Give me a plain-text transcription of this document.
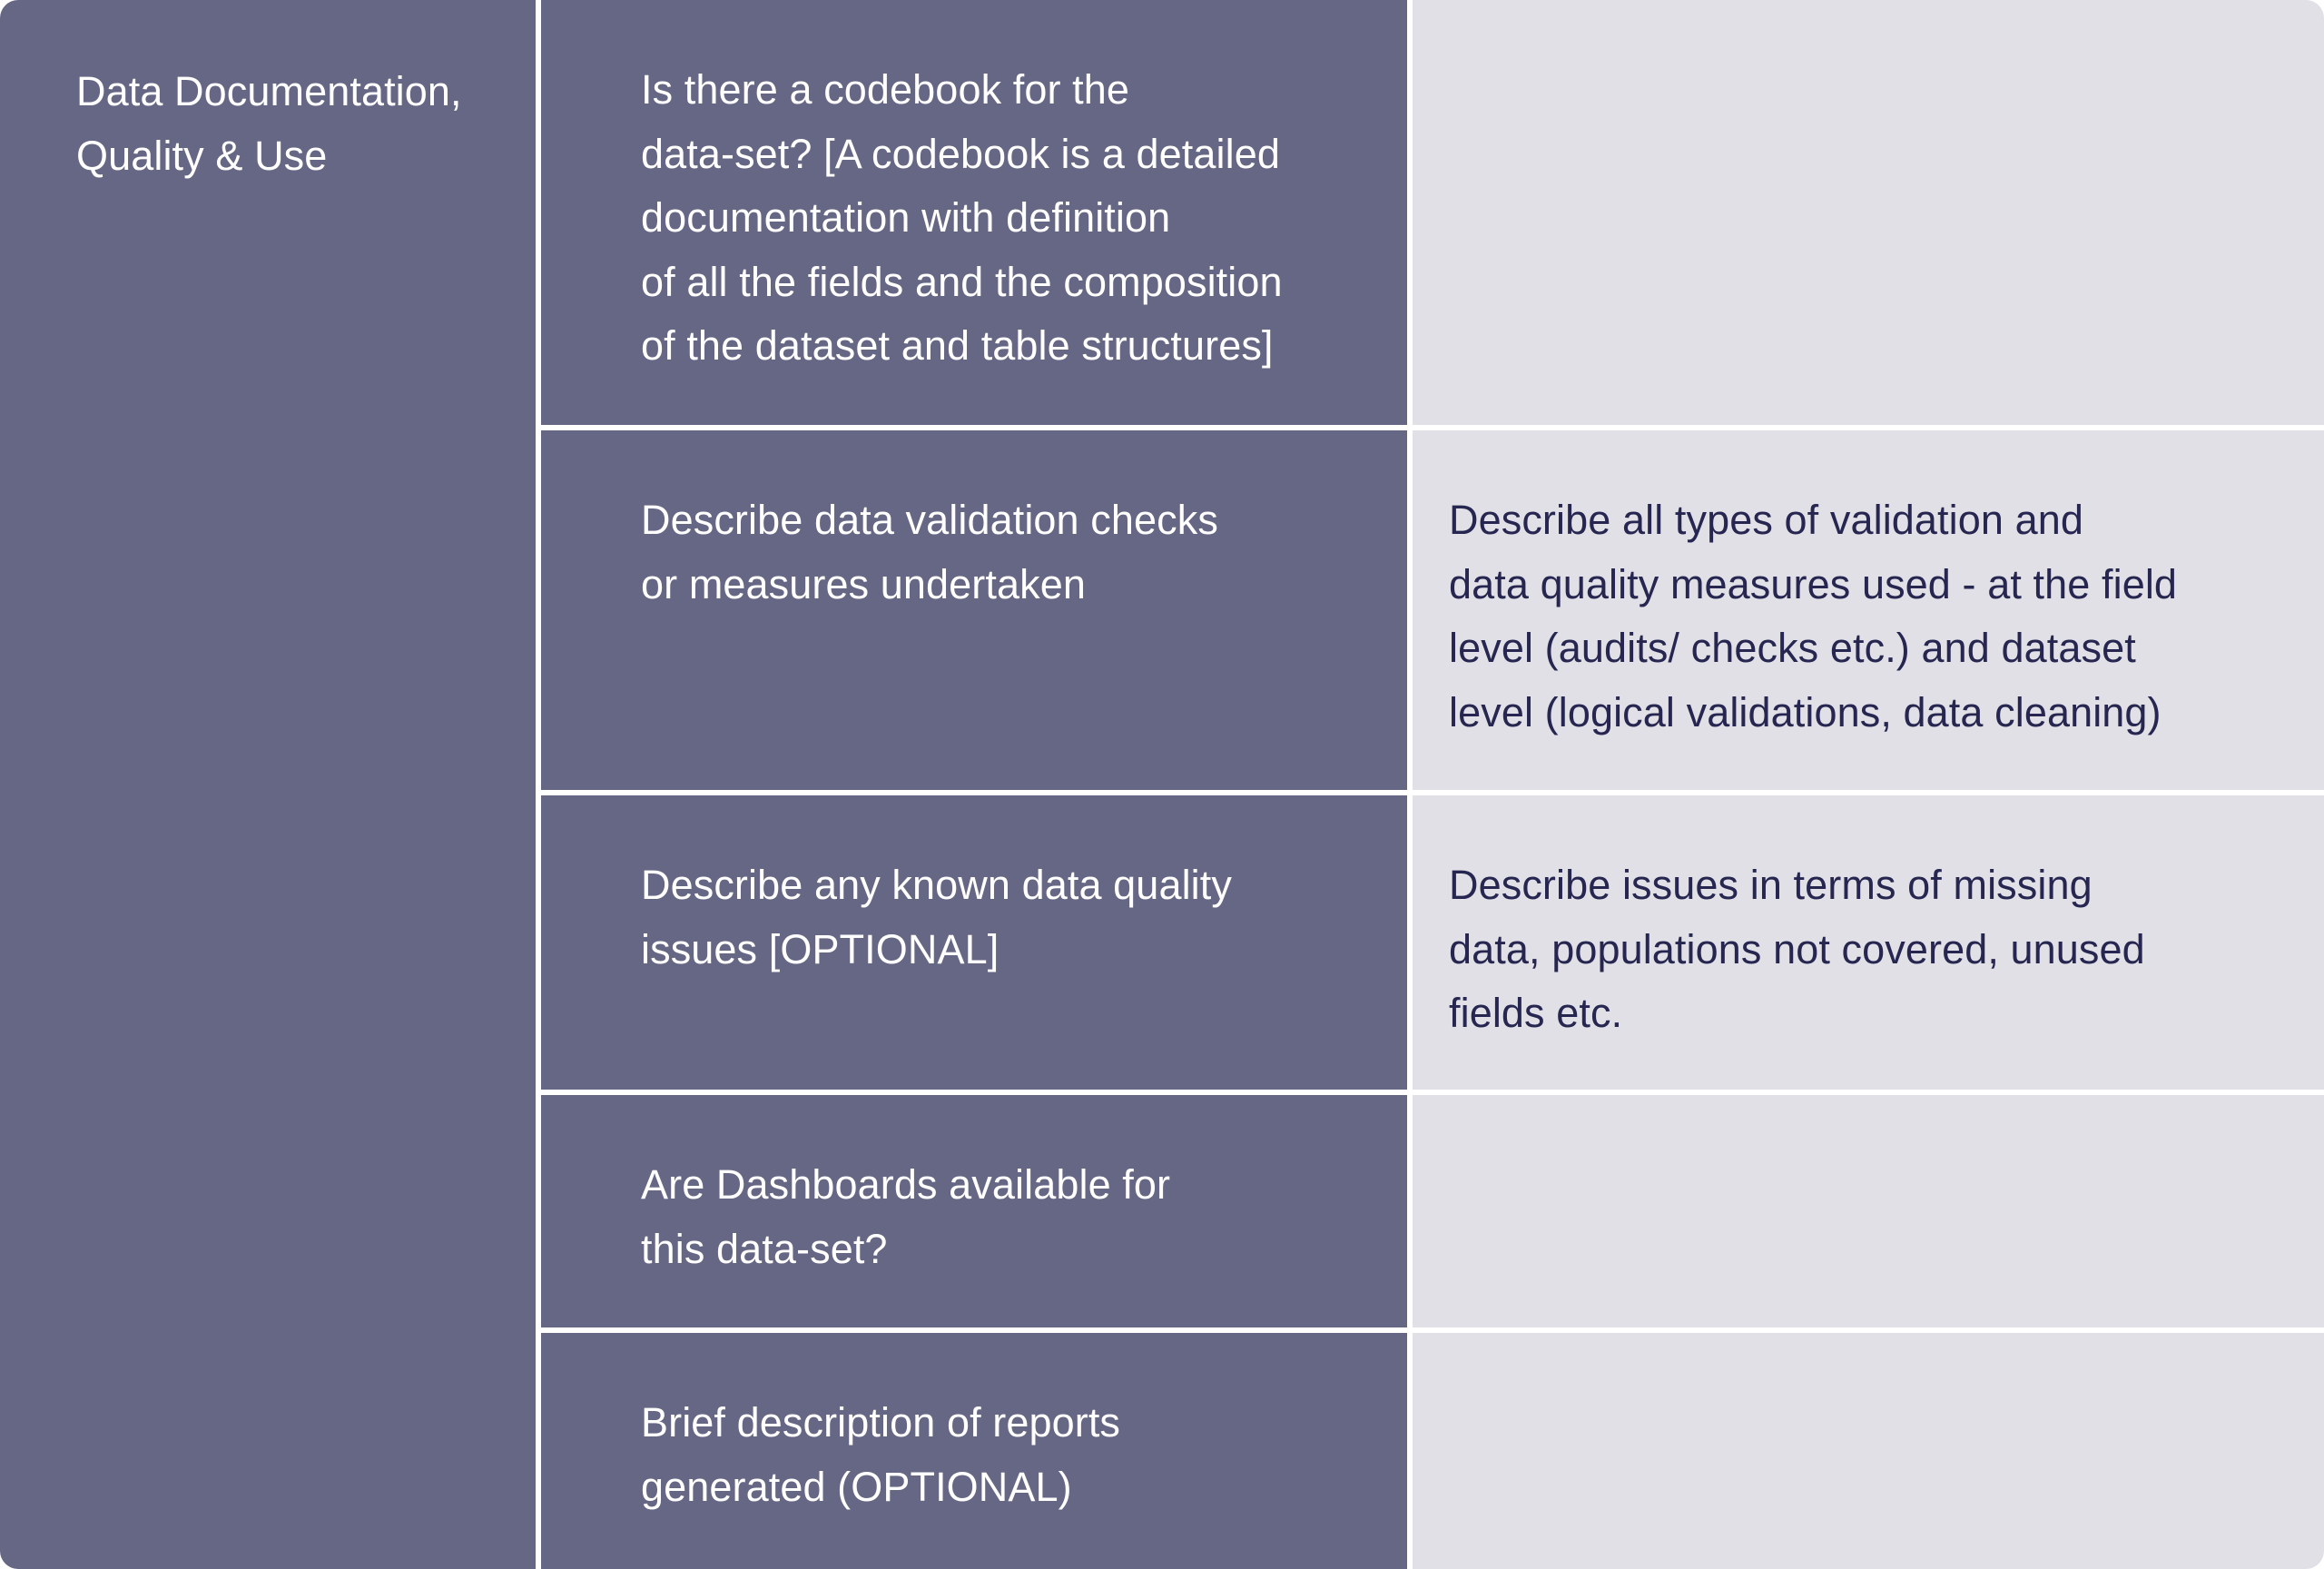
Data Documentation,
Quality & Use

Is there a codebook for the
data-set? [A codebook is a detailed
documentation with definition
of all the fields and the composition
of the dataset and table structures]

Describe data validation checks
or measures undertaken

Describe all types of validation and
data quality measures used - at the field
level (audits/ checks etc.) and dataset
level (logical validations, data cleaning)

Describe any known data quality
issues [OPTIONAL]

Describe issues in terms of missing
data, populations not covered, unused
fields etc.

Are Dashboards available for
this data-set?

Brief description of reports
generated (OPTIONAL)
